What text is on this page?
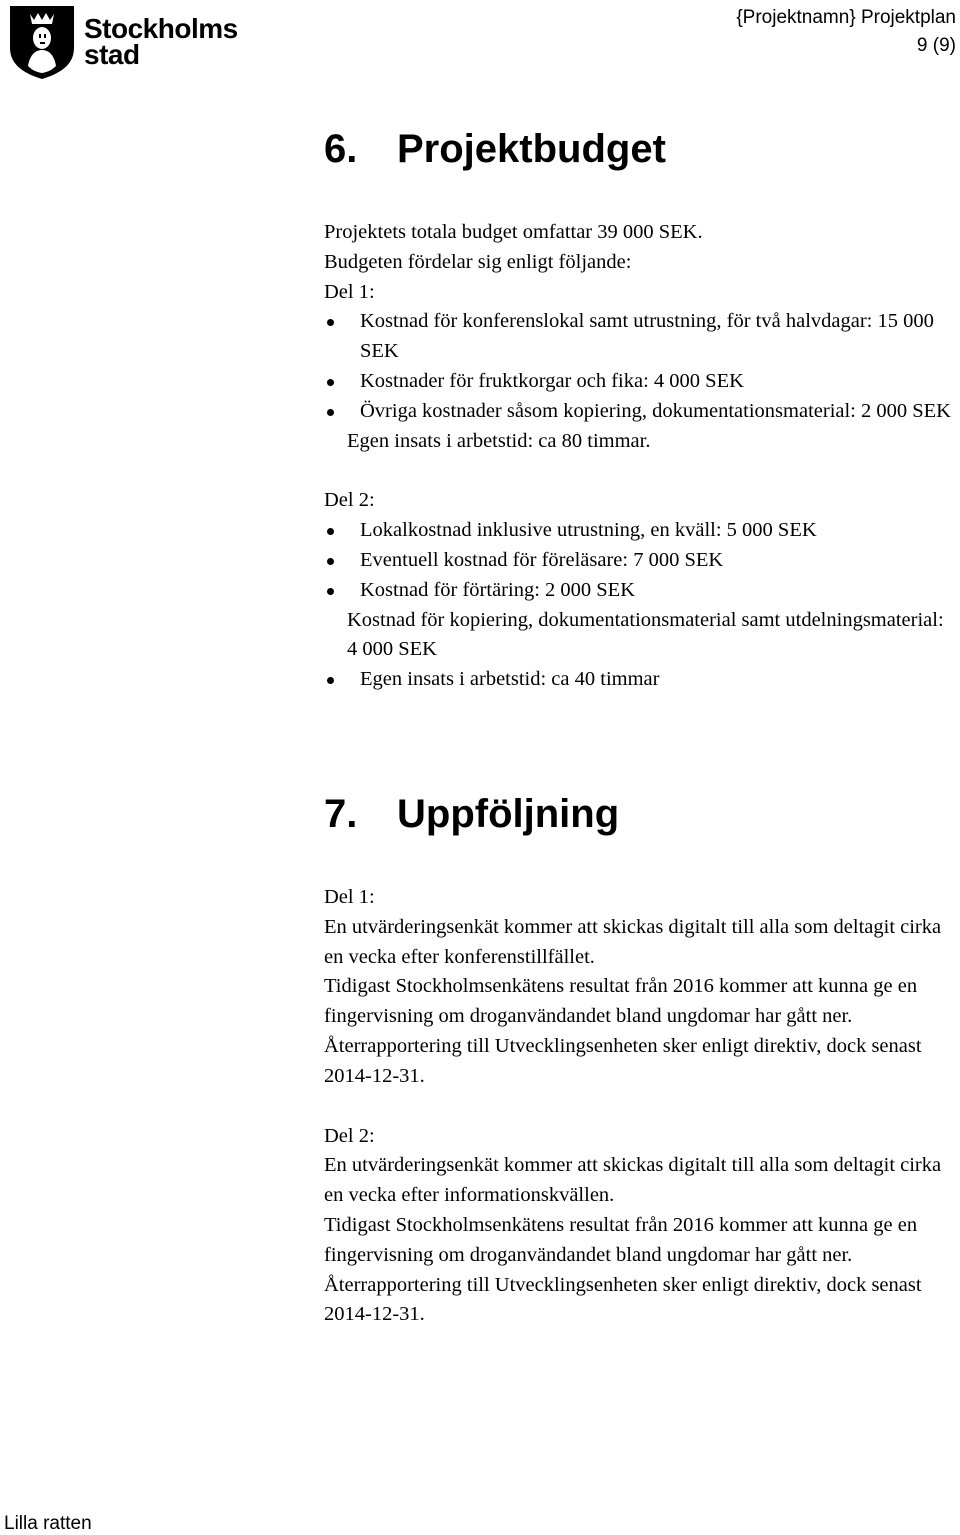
Stockholms
stad
{Projektnamn} Projektplan
9 (9)
6. Projektbudget

Projektets totala budget omfattar 39 000 SEK.

Budgeten fördelar sig enligt följande:

Del 1:

Kostnad för konferenslokal samt utrustning, för två halvdagar: 15 000 SEK
Kostnader för fruktkorgar och fika: 4 000 SEK
Övriga kostnader såsom kopiering, dokumentationsmaterial: 2 000 SEK

Egen insats i arbetstid: ca 80 timmar.

Del 2:

Lokalkostnad inklusive utrustning, en kväll: 5 000 SEK
Eventuell kostnad för föreläsare: 7 000 SEK
Kostnad för förtäring: 2 000 SEK

Kostnad för kopiering, dokumentationsmaterial samt utdelningsmaterial: 4 000 SEK

Egen insats i arbetstid: ca 40 timmar
7. Uppföljning

Del 1:

En utvärderingsenkät kommer att skickas digitalt till alla som deltagit cirka en vecka efter konferenstillfället.

Tidigast Stockholmsenkätens resultat från 2016 kommer att kunna ge en fingervisning om droganvändandet bland ungdomar har gått ner.

Återrapportering till Utvecklingsenheten sker enligt direktiv, dock senast 2014-12-31.

Del 2:

En utvärderingsenkät kommer att skickas digitalt till alla som deltagit cirka en vecka efter informationskvällen.

Tidigast Stockholmsenkätens resultat från 2016 kommer att kunna ge en fingervisning om droganvändandet bland ungdomar har gått ner.

Återrapportering till Utvecklingsenheten sker enligt direktiv, dock senast 2014-12-31.

Lilla ratten
